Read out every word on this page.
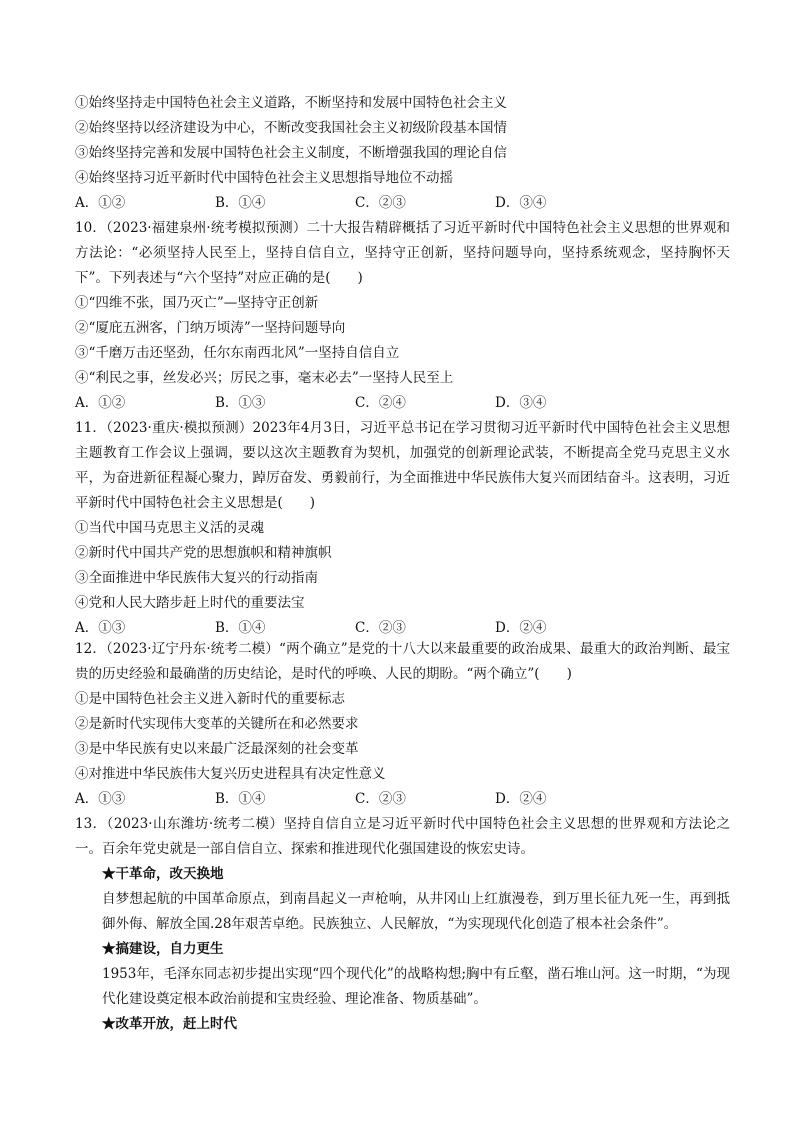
①始终坚持走中国特色社会主义道路，不断坚持和发展中国特色社会主义
②始终坚持以经济建设为中心，不断改变我国社会主义初级阶段基本国情
③始终坚持完善和发展中国特色社会主义制度，不断增强我国的理论自信
④始终坚持习近平新时代中国特色社会主义思想指导地位不动摇
A．①②	B．①④	C．②③	D．③④
10．（2023·福建泉州·统考模拟预测）二十大报告精辟概括了习近平新时代中国特色社会主义思想的世界观和方法论：“必须坚持人民至上，坚持自信自立，坚持守正创新，坚持问题导向，坚持系统观念，坚持胸怀天下”。下列表述与“六个坚持”对应正确的是(　　)
①“四维不张，国乃灭亡”—坚持守正创新
②“厦庇五洲客，门纳万顷涛”一坚持问题导向
③“千磨万击还坚劲，任尔东南西北风”一坚持自信自立
④“利民之事，丝发必兴；厉民之事，毫末必去”一坚持人民至上
A．①②	B．①③	C．②④	D．③④
11．（2023·重庆·模拟预测）2023年4月3日，习近平总书记在学习贯彻习近平新时代中国特色社会主义思想主题教育工作会议上强调，要以这次主题教育为契机，加强党的创新理论武装，不断提高全党马克思主义水平，为奋进新征程凝心聚力，踔厉奋发、勇毅前行，为全面推进中华民族伟大复兴而团结奋斗。这表明，习近平新时代中国特色社会主义思想是(　　)
①当代中国马克思主义活的灵魂
②新时代中国共产党的思想旗帜和精神旗帜
③全面推进中华民族伟大复兴的行动指南
④党和人民大踏步赶上时代的重要法宝
A．①③	B．①④	C．②③	D．②④
12．（2023·辽宁丹东·统考二模）“两个确立”是党的十八大以来最重要的政治成果、最重大的政治判断、最宝贵的历史经验和最确凿的历史结论，是时代的呼唤、人民的期盼。“两个确立”(　　)
①是中国特色社会主义进入新时代的重要标志
②是新时代实现伟大变革的关键所在和必然要求
③是中华民族有史以来最广泛最深刻的社会变革
④对推进中华民族伟大复兴历史进程具有决定性意义
A．①③	B．①④	C．②③	D．②④
13．（2023·山东潍坊·统考二模）坚持自信自立是习近平新时代中国特色社会主义思想的世界观和方法论之一。百余年党史就是一部自信自立、探索和推进现代化强国建设的恢宏史诗。
★干革命，改天换地
自梦想起航的中国革命原点，到南昌起义一声枪响，从井冈山上红旗漫卷，到万里长征九死一生，再到抵御外侮、解放全国.28年艰苦卓绝。民族独立、人民解放，“为实现现代化创造了根本社会条件”。
★搞建设，自力更生
1953年，毛泽东同志初步提出实现“四个现代化”的战略构想;胸中有丘壑，凿石堆山河。这一时期，“为现代化建设奠定根本政治前提和宝贵经验、理论准备、物质基础”。
★改革开放，赶上时代
